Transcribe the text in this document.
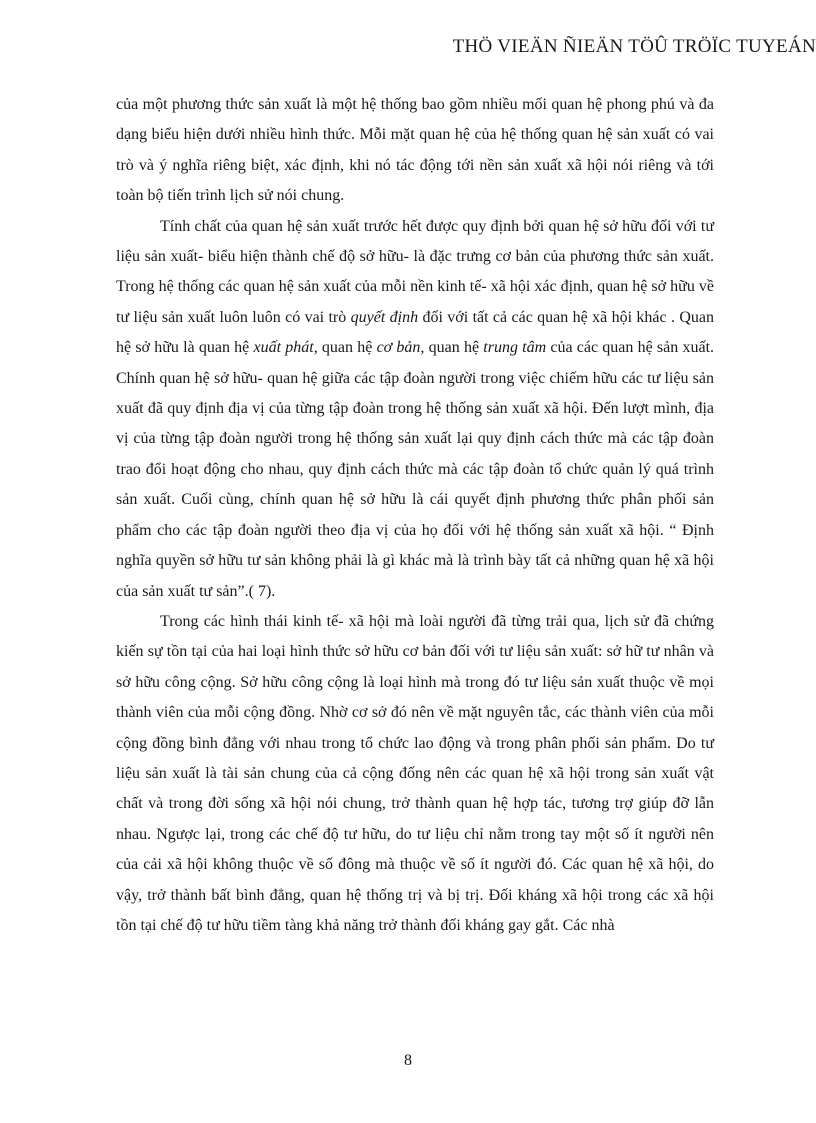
THÖ VIEÄN ÑIEÄN TÖÛ TRÖÏC TUYEÁN

của một phương thức sản xuất là một hệ thống bao gồm nhiều mối quan hệ phong phú và đa dạng biểu hiện dưới nhiều hình thức. Mỗi mặt quan hệ của hệ thống quan hệ sản xuất có vai trò và ý nghĩa riêng biệt, xác định, khi nó tác động tới nền sản xuất xã hội nói riêng và tới toàn bộ tiến trình lịch sử nói chung.

Tính chất của quan hệ sản xuất trước hết được quy định bởi quan hệ sở hữu đối với tư liệu sản xuất- biểu hiện thành chế độ sở hữu- là đặc trưng cơ bản của phương thức sản xuất. Trong hệ thống các quan hệ sản xuất của mỗi nền kinh tế- xã hội xác định, quan hệ sở hữu về tư liệu sản xuất luôn luôn có vai trò quyết định đối với tất cả các quan hệ xã hội khác . Quan hệ sở hữu là quan hệ xuất phát, quan hệ cơ bản, quan hệ trung tâm của các quan hệ sản xuất. Chính quan hệ sở hữu- quan hệ giữa các tập đoàn người trong việc chiếm hữu các tư liệu sản xuất đã quy định địa vị của từng tập đoàn trong hệ thống sản xuất xã hội. Đến lượt mình, địa vị của từng tập đoàn người trong hệ thống sản xuất lại quy định cách thức mà các tập đoàn trao đổi hoạt động cho nhau, quy định cách thức mà các tập đoàn tổ chức quản lý quá trình sản xuất. Cuối cùng, chính quan hệ sở hữu là cái quyết định phương thức phân phối sản phẩm cho các tập đoàn người theo địa vị của họ đối với hệ thống sản xuất xã hội. “ Định nghĩa quyền sở hữu tư sản không phải là gì khác mà là trình bày tất cả những quan hệ xã hội của sản xuất tư sản”.( 7).

Trong các hình thái kinh tế- xã hội mà loài người đã từng trải qua, lịch sử đã chứng kiến sự tồn tại của hai loại hình thức sở hữu cơ bản đối với tư liệu sản xuất: sở hữ tư nhân và sở hữu công cộng. Sở hữu công cộng là loại hình mà trong đó tư liệu sản xuất thuộc về mọi thành viên của mỗi cộng đồng. Nhờ cơ sở đó nên về mặt nguyên tắc, các thành viên của mỗi cộng đồng bình đẳng với nhau trong tổ chức lao động và trong phân phối sản phẩm. Do tư liệu sản xuất là tài sản chung của cả cộng đống nên các quan hệ xã hội trong sản xuất vật chất và trong đời sống xã hội nói chung, trở thành quan hệ hợp tác, tương trợ giúp đỡ lẫn nhau. Ngược lại, trong các chế độ tư hữu, do tư liệu chỉ nằm trong tay một số ít người nên của cải xã hội không thuộc về số đông mà thuộc về số ít người đó. Các quan hệ xã hội, do vậy, trở thành bất bình đẳng, quan hệ thống trị và bị trị. Đối kháng xã hội trong các xã hội tồn tại chế độ tư hữu tiềm tàng khả năng trở thành đối kháng gay gắt. Các nhà

8
